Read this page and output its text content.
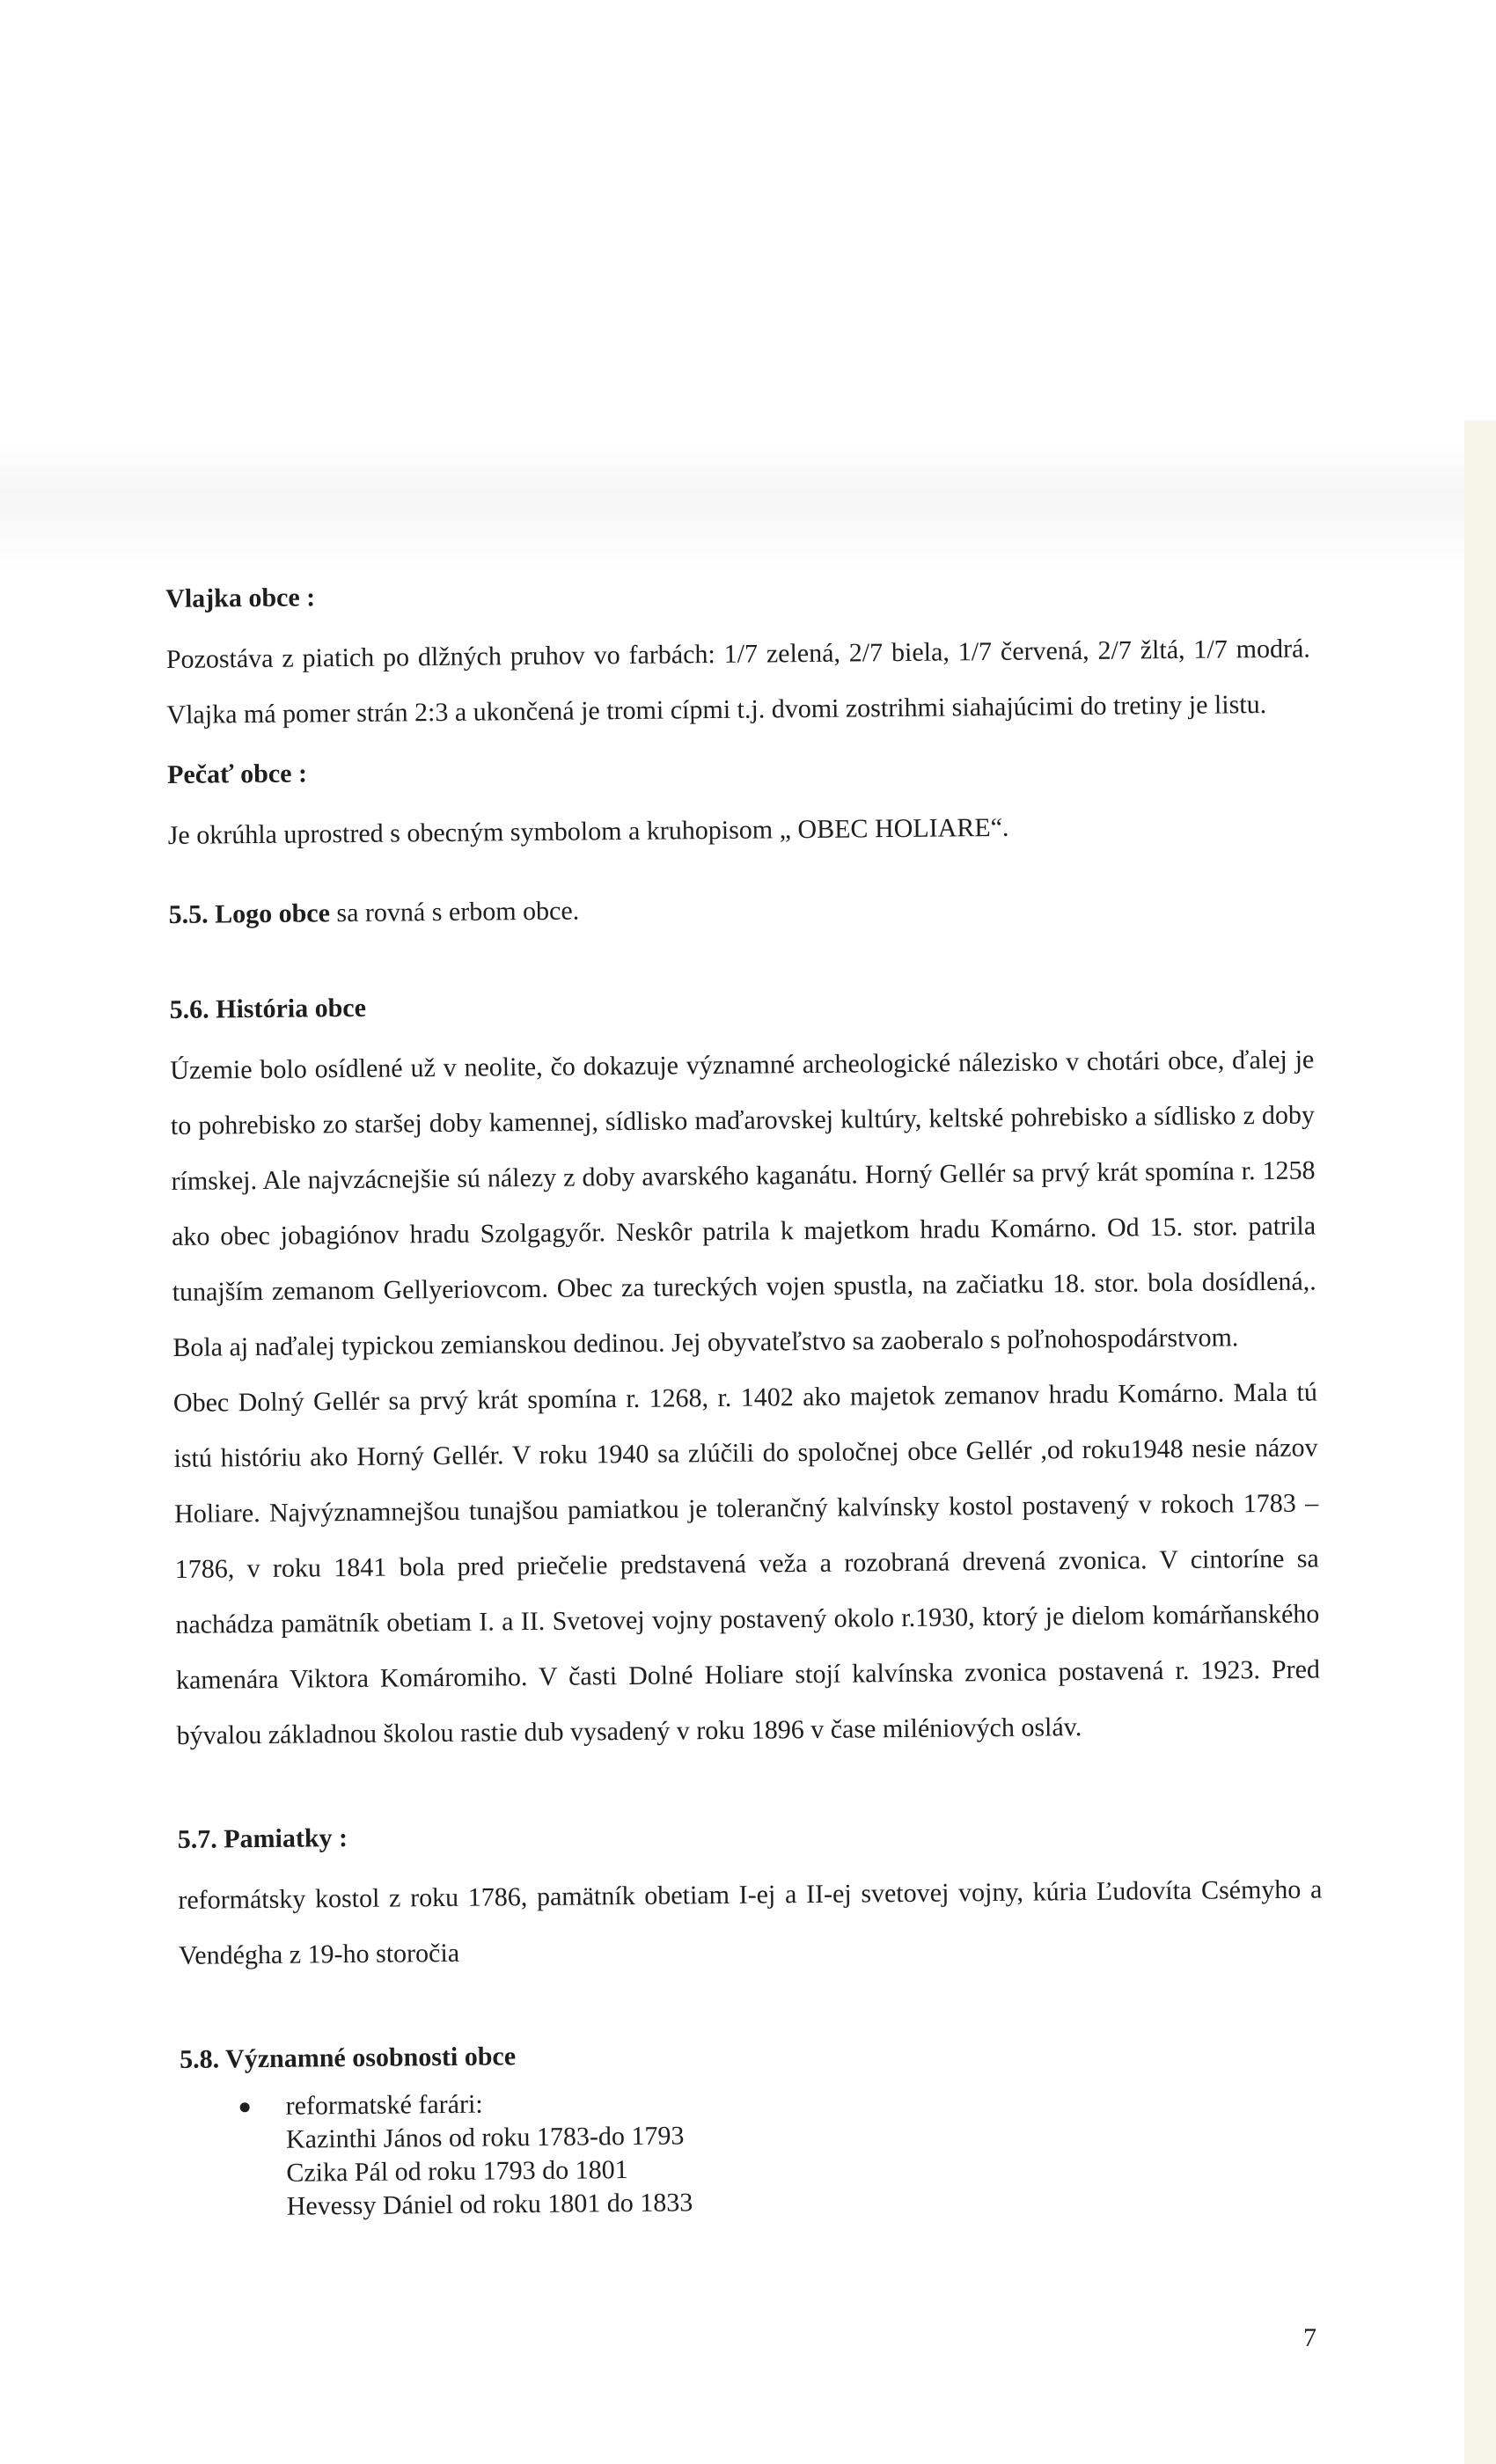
Vlajka obce :

Pozostáva z piatich po dlžných pruhov vo farbách: 1/7 zelená, 2/7 biela, 1/7 červená, 2/7 žltá, 1/7 modrá. Vlajka má pomer strán 2:3 a ukončená je tromi cípmi t.j. dvomi zostrihmi siahajúcimi do tretiny je listu.

Pečať obce :

Je okrúhla uprostred s obecným symbolom a kruhopisom „ OBEC HOLIARE“.

5.5. Logo obce sa rovná s erbom obce.
5.6. História obce

Územie bolo osídlené už v neolite, čo dokazuje významné archeologické nálezisko v chotári obce, ďalej je to pohrebisko zo staršej doby kamennej, sídlisko maďarovskej kultúry, keltské pohrebisko a sídlisko z doby rímskej. Ale najvzácnejšie sú nálezy z doby avarského kaganátu. Horný Gellér sa prvý krát spomína r. 1258 ako obec jobagiónov hradu Szolgagyőr. Neskôr patrila k majetkom hradu Komárno. Od 15. stor. patrila tunajším zemanom Gellyeriovcom. Obec za tureckých vojen spustla, na začiatku 18. stor. bola dosídlená,. Bola aj naďalej typickou zemianskou dedinou. Jej obyvateľstvo sa zaoberalo s poľnohospodárstvom.

Obec Dolný Gellér sa prvý krát spomína r. 1268, r. 1402 ako majetok zemanov hradu Komárno. Mala tú istú históriu ako Horný Gellér. V roku 1940 sa zlúčili do spoločnej obce Gellér ,od roku1948 nesie názov Holiare. Najvýznamnejšou tunajšou pamiatkou je tolerančný kalvínsky kostol postavený v rokoch 1783 – 1786, v roku 1841 bola pred priečelie predstavená veža a rozobraná drevená zvonica. V cintoríne sa nachádza pamätník obetiam I. a II. Svetovej vojny postavený okolo r.1930, ktorý je dielom komárňanského kamenára Viktora Komáromiho. V časti Dolné Holiare stojí kalvínska zvonica postavená r. 1923. Pred bývalou základnou školou rastie dub vysadený v roku 1896 v čase miléniových osláv.

5.7. Pamiatky :

reformátsky kostol z roku 1786, pamätník obetiam I-ej a II-ej svetovej vojny, kúria Ľudovíta Csémyho a Vendégha z 19-ho storočia

5.8. Významné osobnosti obce
reformatské farári:
Kazinthi János od roku 1783-do 1793
Czika Pál od roku 1793 do 1801
Hevessy Dániel od roku 1801 do 1833
7
